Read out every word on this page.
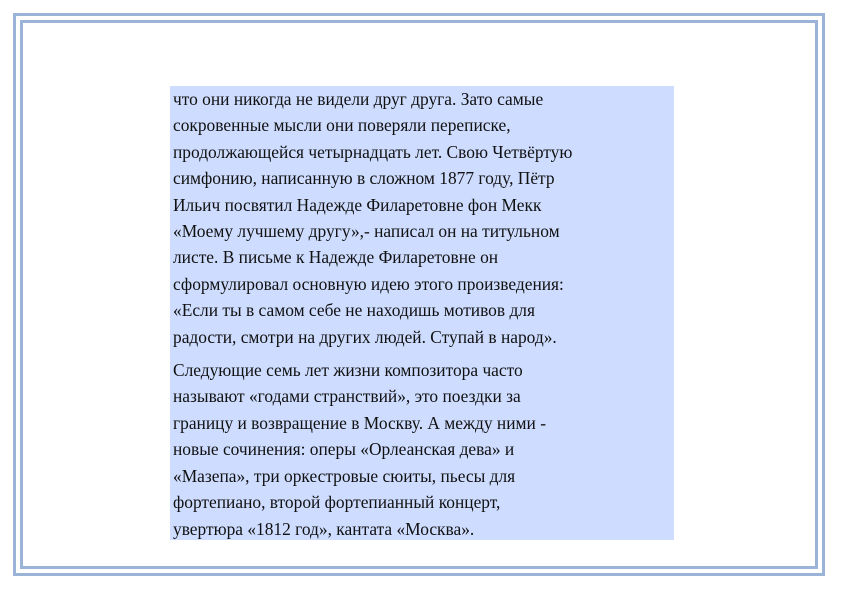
что они никогда не видели друг друга. Зато самые
сокровенные мысли они поверяли переписке,
продолжающейся четырнадцать лет. Свою Четвёртую
симфонию, написанную в сложном 1877 году, Пётр
Ильич посвятил Надежде Филаретовне фон Мекк
«Моему лучшему другу»,- написал он на титульном
листе. В письме к Надежде Филаретовне он
сформулировал основную идею этого произведения:
«Если ты в самом себе не находишь мотивов для
радости, смотри на других людей. Ступай в народ».

Следующие семь лет жизни композитора часто
называют «годами странствий», это поездки за
границу и возвращение в Москву. А между ними -
новые сочинения: оперы «Орлеанская дева» и
«Мазепа», три оркестровые сюиты, пьесы для
фортепиано, второй фортепианный концерт,
увертюра «1812 год», кантата «Москва».
